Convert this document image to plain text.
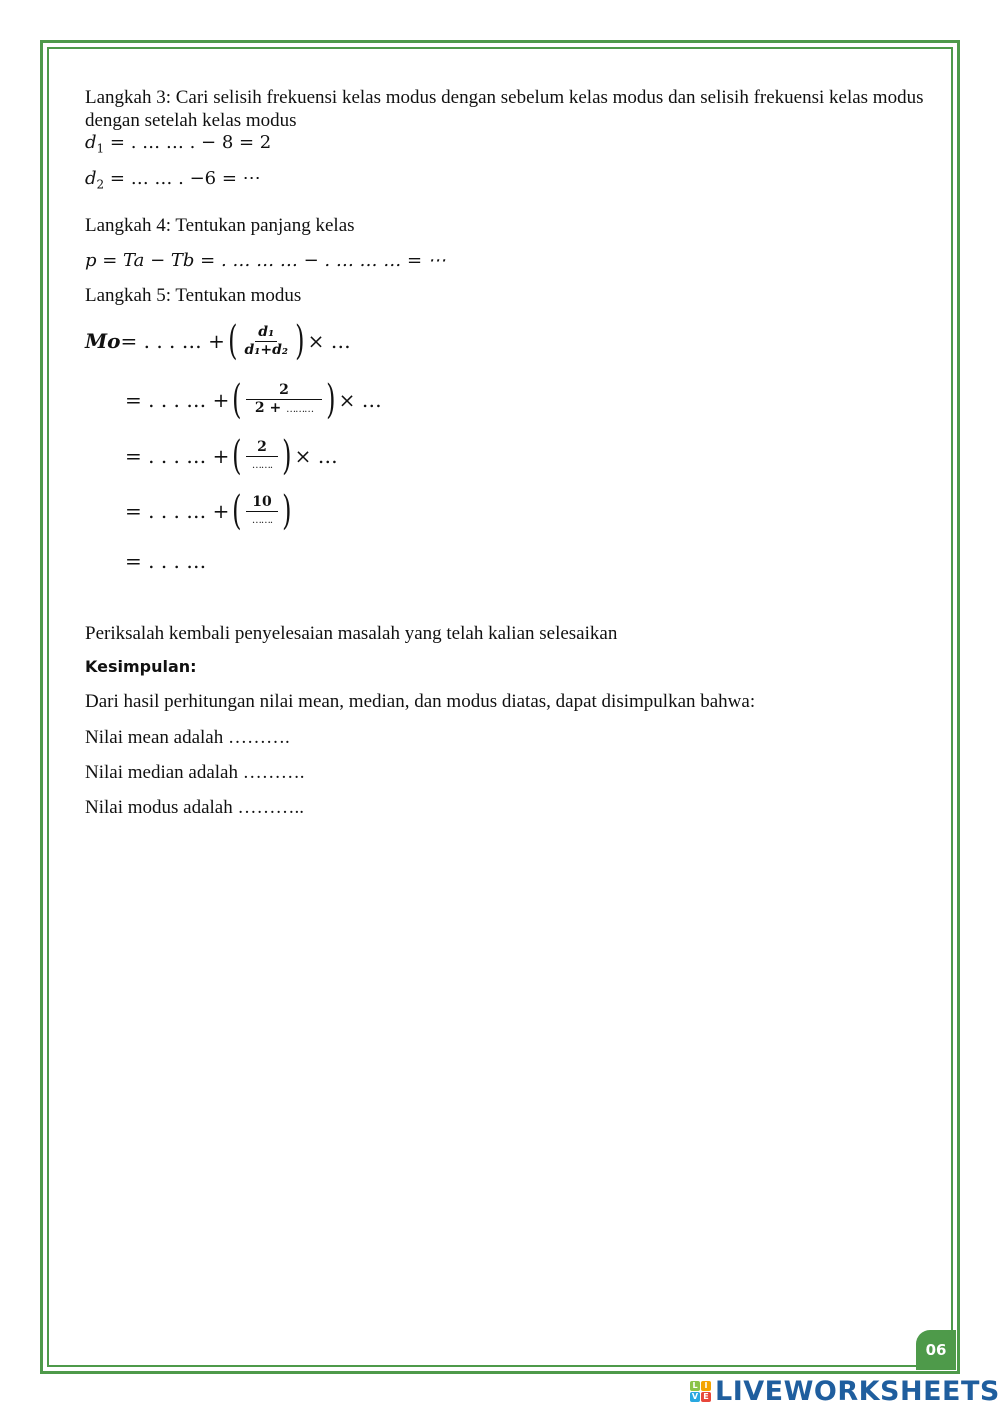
Langkah 3: Cari selisih frekuensi kelas modus dengan sebelum kelas modus dan selisih frekuensi kelas modus dengan setelah kelas modus
$d_1$ = . … … . − 8 = 2
$d_2$ = … … . −6 = ⋯
Langkah 4: Tentukan panjang kelas
p = Ta − Tb = . … … … − . … … … = ⋯
Langkah 5: Tentukan modus
Mo = . . . … + ( $\frac{\text{d₁}}{\text{d₁+d₂}}$ ) × …
= . . . … + ( $\frac{2}{2 + \dots\dots\dots}$ ) × …
= . . . … + ( $\frac{2}{\dots\dots.}$ ) × …
= . . . … + ( $\frac{10}{\dots\dots.}$ )
= . . . …
Periksalah kembali penyelesaian masalah yang telah kalian selesaikan
Kesimpulan:
Dari hasil perhitungan nilai mean, median, dan modus diatas, dapat disimpulkan bahwa:
Nilai mean adalah ……….
Nilai median adalah ……….
Nilai modus adalah ………..
06
L I
V E LIVEWORKSHEETS
